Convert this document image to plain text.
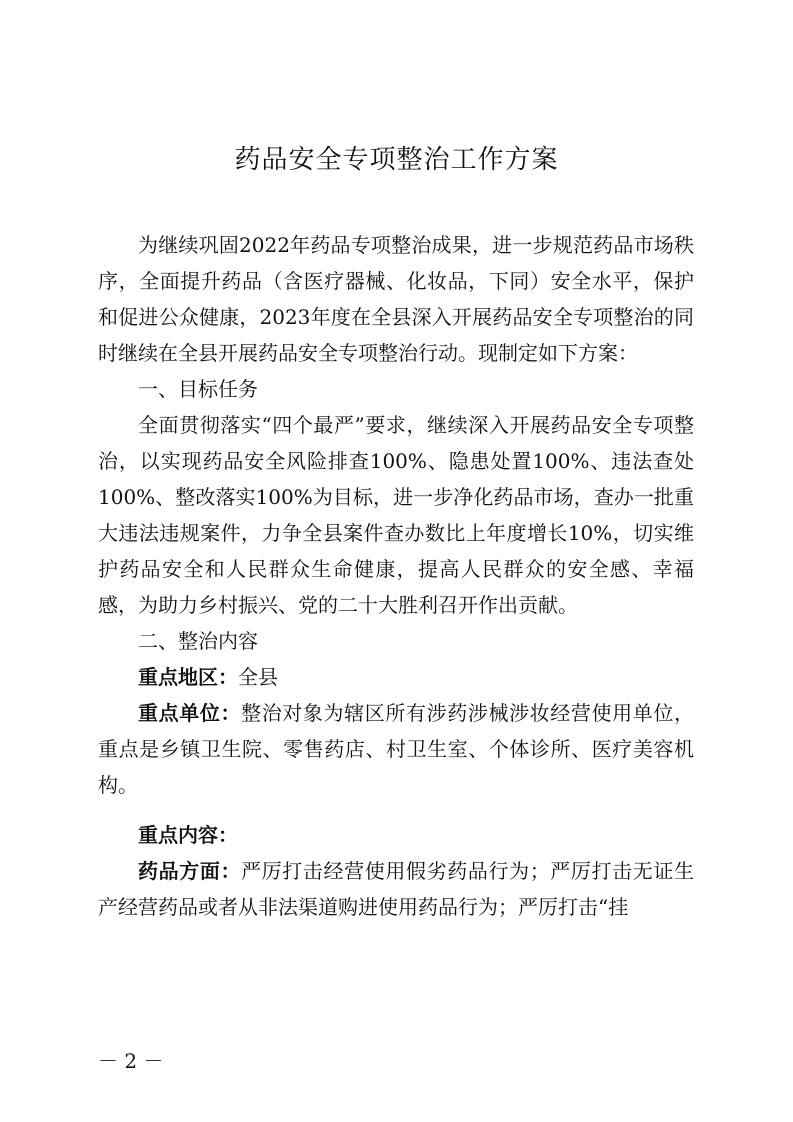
药品安全专项整治工作方案

为继续巩固2022年药品专项整治成果，进一步规范药品市场秩序，全面提升药品（含医疗器械、化妆品，下同）安全水平，保护和促进公众健康，2023年度在全县深入开展药品安全专项整治的同时继续在全县开展药品安全专项整治行动。现制定如下方案：

一、目标任务

全面贯彻落实“四个最严”要求，继续深入开展药品安全专项整治，以实现药品安全风险排查100%、隐患处置100%、违法查处100%、整改落实100%为目标，进一步净化药品市场，查办一批重大违法违规案件，力争全县案件查办数比上年度增长10%，切实维护药品安全和人民群众生命健康，提高人民群众的安全感、幸福感，为助力乡村振兴、党的二十大胜利召开作出贡献。

二、整治内容

重点地区：全县

重点单位：整治对象为辖区所有涉药涉械涉妆经营使用单位，重点是乡镇卫生院、零售药店、村卫生室、个体诊所、医疗美容机构。

重点内容：

药品方面：严厉打击经营使用假劣药品行为；严厉打击无证生产经营药品或者从非法渠道购进使用药品行为；严厉打击“挂

－ 2 －
